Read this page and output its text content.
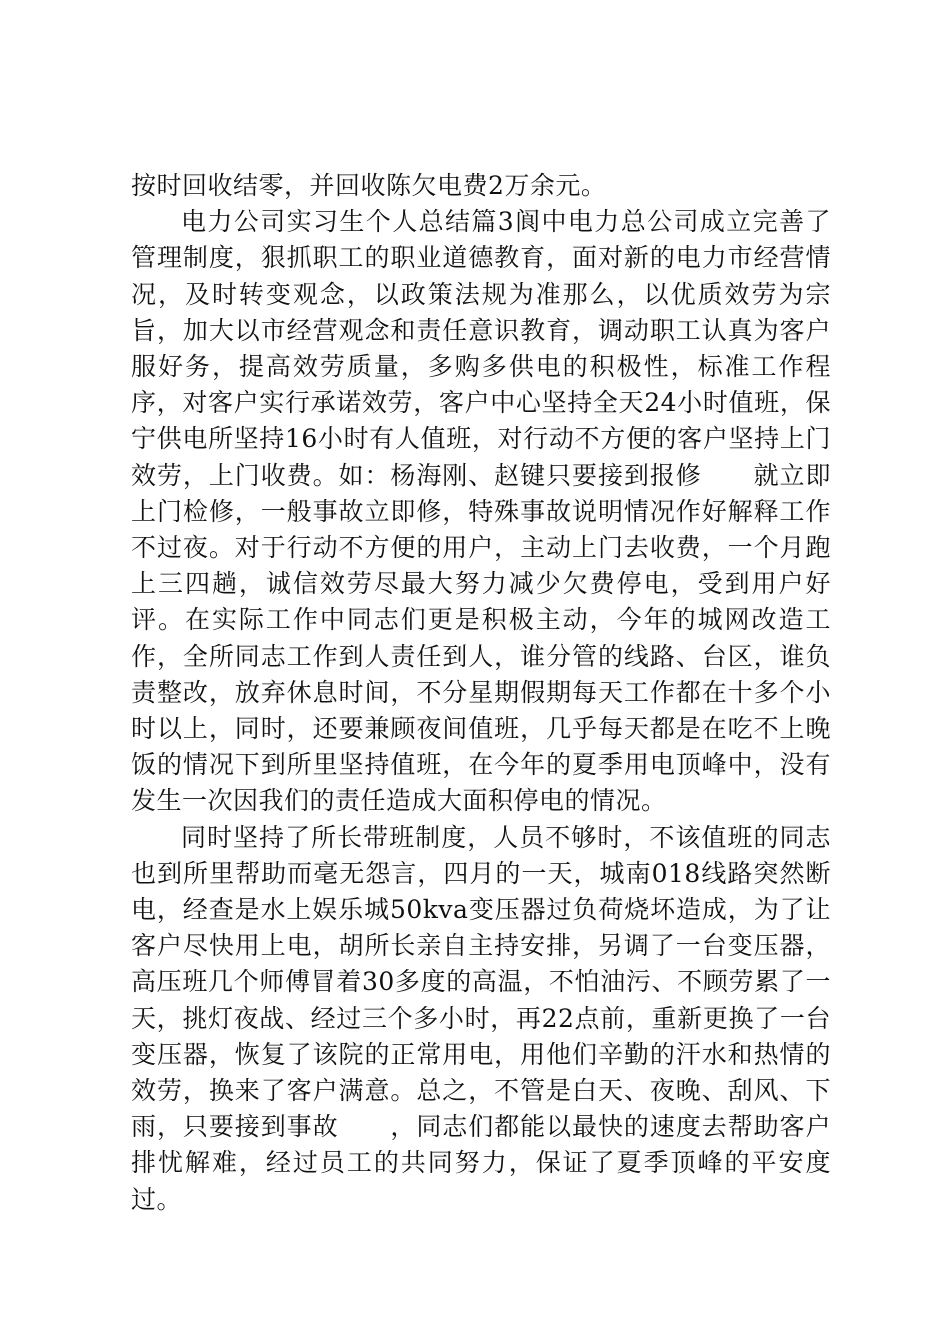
按时回收结零，并回收陈欠电费2万余元。

电力公司实习生个人总结篇3阆中电力总公司成立完善了管理制度，狠抓职工的职业道德教育，面对新的电力市经营情况，及时转变观念，以政策法规为准那么，以优质效劳为宗旨，加大以市经营观念和责任意识教育，调动职工认真为客户服好务，提高效劳质量，多购多供电的积极性，标准工作程序，对客户实行承诺效劳，客户中心坚持全天24小时值班，保宁供电所坚持16小时有人值班，对行动不方便的客户坚持上门效劳，上门收费。如：杨海刚、赵键只要接到报修　　就立即上门检修，一般事故立即修，特殊事故说明情况作好解释工作不过夜。对于行动不方便的用户，主动上门去收费，一个月跑上三四趟，诚信效劳尽最大努力减少欠费停电，受到用户好评。在实际工作中同志们更是积极主动，今年的城网改造工作，全所同志工作到人责任到人，谁分管的线路、台区，谁负责整改，放弃休息时间，不分星期假期每天工作都在十多个小时以上，同时，还要兼顾夜间值班，几乎每天都是在吃不上晚饭的情况下到所里坚持值班，在今年的夏季用电顶峰中，没有发生一次因我们的责任造成大面积停电的情况。

同时坚持了所长带班制度，人员不够时，不该值班的同志也到所里帮助而毫无怨言，四月的一天，城南018线路突然断电，经查是水上娱乐城50kva变压器过负荷烧坏造成，为了让客户尽快用上电，胡所长亲自主持安排，另调了一台变压器，高压班几个师傅冒着30多度的高温，不怕油污、不顾劳累了一天，挑灯夜战、经过三个多小时，再22点前，重新更换了一台变压器，恢复了该院的正常用电，用他们辛勤的汗水和热情的效劳，换来了客户满意。总之，不管是白天、夜晚、刮风、下雨，只要接到事故　　，同志们都能以最快的速度去帮助客户排忧解难，经过员工的共同努力，保证了夏季顶峰的平安度过。
